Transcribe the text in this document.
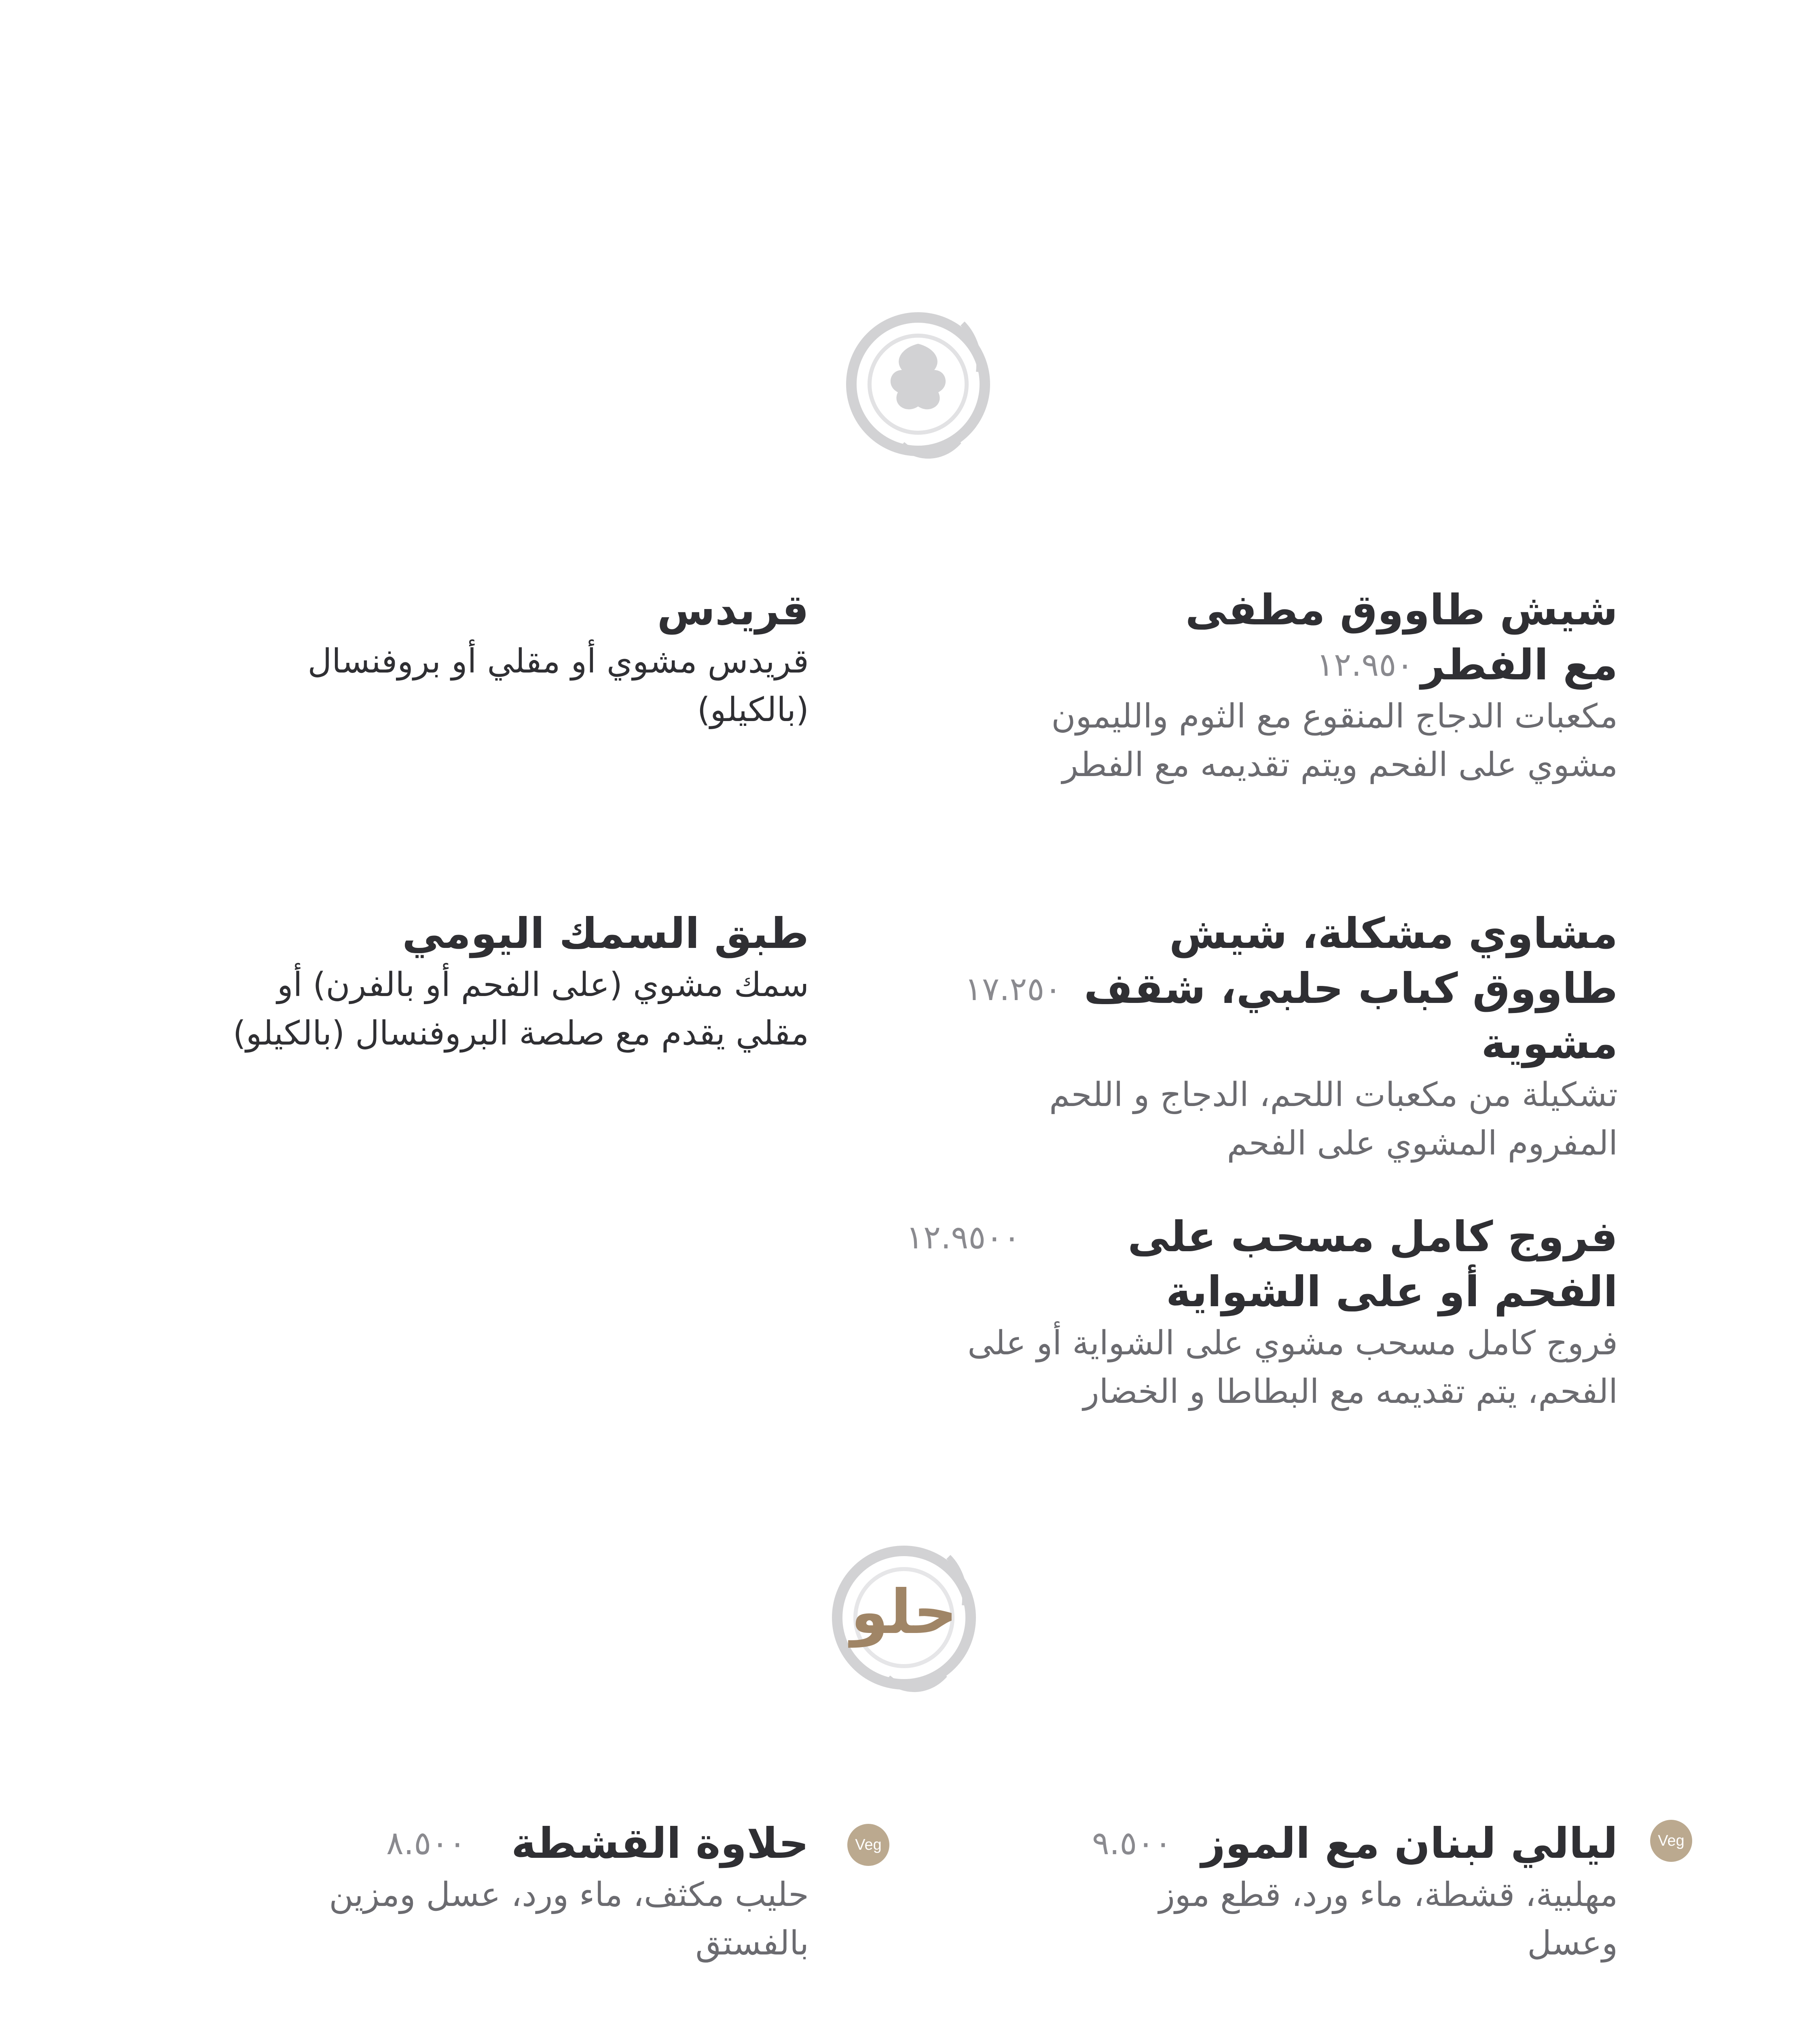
شيش طاووق مطفى مع الفطر
مكعبات الدجاج المنقوع مع الثوم والليمون مشوي على الفحم ويتم تقديمه مع الفطر
١٢.٩٥٠
قريدس
قريدس مشوي أو مقلي أو بروفنسال (بالكيلو)
مشاوي مشكلة، شيش طاووق كباب حلبي، شقف مشوية
تشكيلة من مكعبات اللحم، الدجاج و اللحم المفروم المشوي على الفحم
١٧.٢٥٠
طبق السمك اليومي
سمك مشوي (على الفحم أو بالفرن) أو مقلي يقدم مع صلصة البروفنسال (بالكيلو)
فروج كامل مسحب على الفحم أو على الشواية
فروج كامل مسحب مشوي على الشواية أو على الفحم، يتم تقديمه مع البطاطا و الخضار
١٢.٩٥٠٠
حلو
Veg
ليالي لبنان مع الموز
مهلبية، قشطة، ماء ورد، قطع موز وعسل
٩.٥٠٠
Veg
حلاوة القشطة
حليب مكثف، ماء ورد، عسل ومزين بالفستق
٨.٥٠٠
